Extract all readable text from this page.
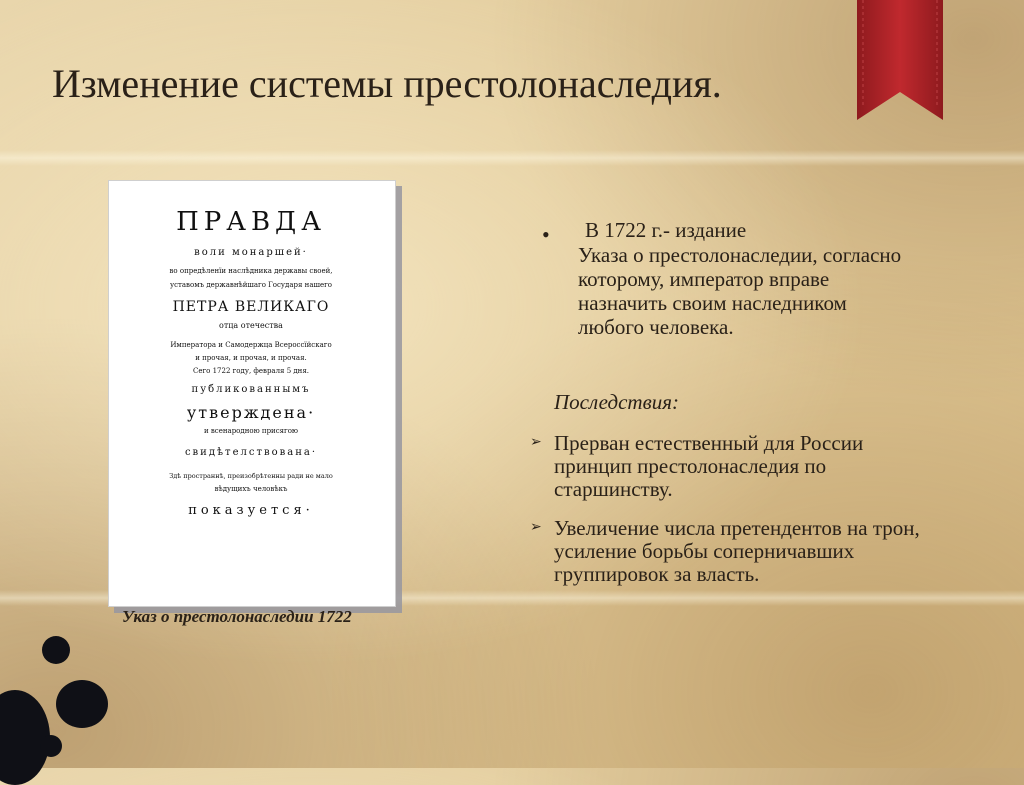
Изменение системы престолонаследия.
ПРАВДА
воли монаршей·
во опредѣленїи наслѣдника державы своей,
уставомъ державнѣйшаго Государя нашего
ПЕТРА ВЕЛИКАГО
отца отечества
Императора и Самодержца Всероссїйскаго
и прочая, и прочая, и прочая.
Сего 1722 году, февраля 5 дня.
публикованнымъ
утверждена·
и всенародною присягою
свидѣтелствована·
Здѣ пространнѣ, преизобрѣтенны ради не мало
вѣдущихъ человѣкъ
показуется·

Указ о престолонаследии 1722

• В 1722 г.- издание

Указа о престолонаследии, согласно

которому, император вправе

назначить своим наследником

любого человека.

Последствия:

➢ Прерван естественный для России

принцип престолонаследия по

старшинству.

➢ Увеличение числа претендентов на трон,

усиление борьбы соперничавших

группировок за власть.
